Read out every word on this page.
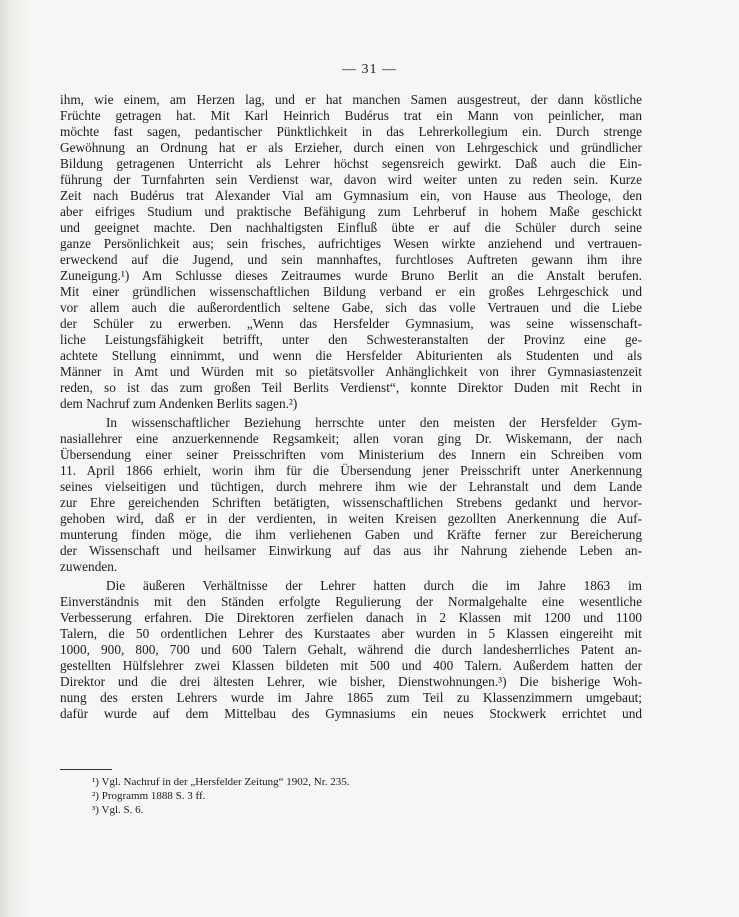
— 31 —
ihm, wie einem, am Herzen lag, und er hat manchen Samen ausgestreut, der dann köstliche
Früchte getragen hat. Mit Karl Heinrich Budérus trat ein Mann von peinlicher, man
möchte fast sagen, pedantischer Pünktlichkeit in das Lehrerkollegium ein. Durch strenge
Gewöhnung an Ordnung hat er als Erzieher, durch einen von Lehrgeschick und gründlicher
Bildung getragenen Unterricht als Lehrer höchst segensreich gewirkt. Daß auch die Ein-
führung der Turnfahrten sein Verdienst war, davon wird weiter unten zu reden sein. Kurze
Zeit nach Budérus trat Alexander Vial am Gymnasium ein, von Hause aus Theologe, den
aber eifriges Studium und praktische Befähigung zum Lehrberuf in hohem Maße geschickt
und geeignet machte. Den nachhaltigsten Einfluß übte er auf die Schüler durch seine
ganze Persönlichkeit aus; sein frisches, aufrichtiges Wesen wirkte anziehend und vertrauen-
erweckend auf die Jugend, und sein mannhaftes, furchtloses Auftreten gewann ihm ihre
Zuneigung.¹) Am Schlusse dieses Zeitraumes wurde Bruno Berlit an die Anstalt berufen.
Mit einer gründlichen wissenschaftlichen Bildung verband er ein großes Lehrgeschick und
vor allem auch die außerordentlich seltene Gabe, sich das volle Vertrauen und die Liebe
der Schüler zu erwerben. „Wenn das Hersfelder Gymnasium, was seine wissenschaft-
liche Leistungsfähigkeit betrifft, unter den Schwesteranstalten der Provinz eine ge-
achtete Stellung einnimmt, und wenn die Hersfelder Abiturienten als Studenten und als
Männer in Amt und Würden mit so pietätsvoller Anhänglichkeit von ihrer Gymnasiastenzeit
reden, so ist das zum großen Teil Berlits Verdienst“, konnte Direktor Duden mit Recht in
dem Nachruf zum Andenken Berlits sagen.²)
In wissenschaftlicher Beziehung herrschte unter den meisten der Hersfelder Gym-
nasiallehrer eine anzuerkennende Regsamkeit; allen voran ging Dr. Wiskemann, der nach
Übersendung einer seiner Preisschriften vom Ministerium des Innern ein Schreiben vom
11. April 1866 erhielt, worin ihm für die Übersendung jener Preisschrift unter Anerkennung
seines vielseitigen und tüchtigen, durch mehrere ihm wie der Lehranstalt und dem Lande
zur Ehre gereichenden Schriften betätigten, wissenschaftlichen Strebens gedankt und hervor-
gehoben wird, daß er in der verdienten, in weiten Kreisen gezollten Anerkennung die Auf-
munterung finden möge, die ihm verliehenen Gaben und Kräfte ferner zur Bereicherung
der Wissenschaft und heilsamer Einwirkung auf das aus ihr Nahrung ziehende Leben an-
zuwenden.
Die äußeren Verhältnisse der Lehrer hatten durch die im Jahre 1863 im
Einverständnis mit den Ständen erfolgte Regulierung der Normalgehalte eine wesentliche
Verbesserung erfahren. Die Direktoren zerfielen danach in 2 Klassen mit 1200 und 1100
Talern, die 50 ordentlichen Lehrer des Kurstaates aber wurden in 5 Klassen eingereiht mit
1000, 900, 800, 700 und 600 Talern Gehalt, während die durch landesherrliches Patent an-
gestellten Hülfslehrer zwei Klassen bildeten mit 500 und 400 Talern. Außerdem hatten der
Direktor und die drei ältesten Lehrer, wie bisher, Dienstwohnungen.³) Die bisherige Woh-
nung des ersten Lehrers wurde im Jahre 1865 zum Teil zu Klassenzimmern umgebaut;
dafür wurde auf dem Mittelbau des Gymnasiums ein neues Stockwerk errichtet und
¹) Vgl. Nachruf in der „Hersfelder Zeitung“ 1902, Nr. 235.
²) Programm 1888 S. 3 ff.
³) Vgl. S. 6.
